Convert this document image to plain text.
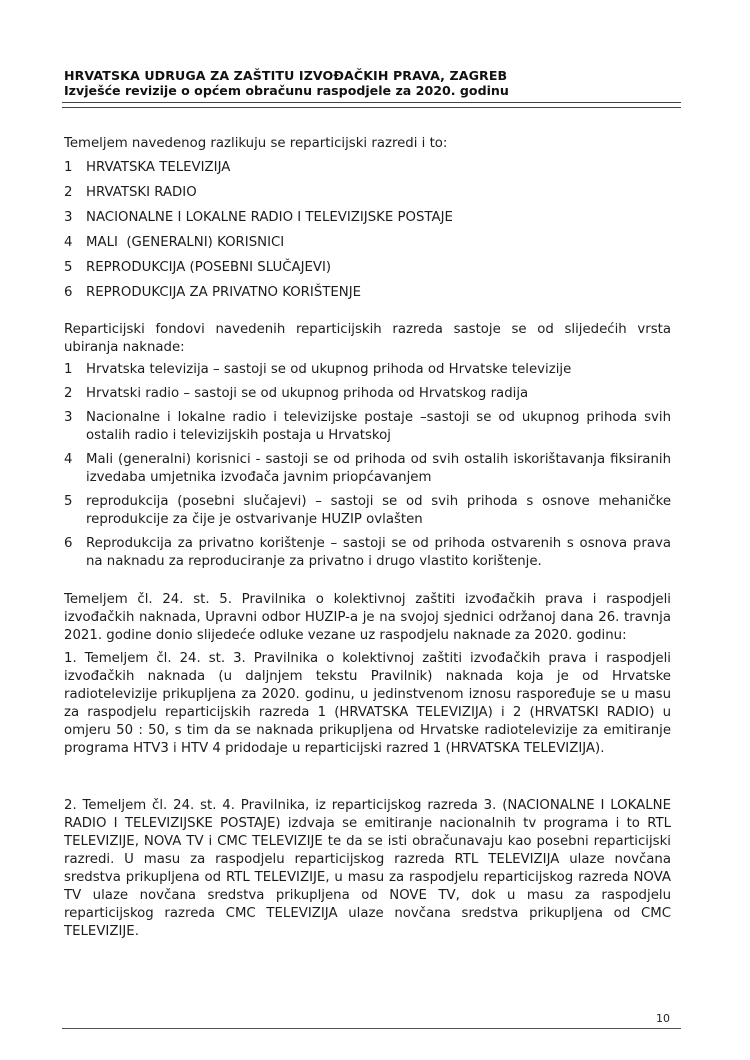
HRVATSKA UDRUGA ZA ZAŠTITU IZVOĐAČKIH PRAVA, ZAGREB
Izvješće revizije o općem obračunu raspodjele za 2020. godinu

Temeljem navedenog razlikuju se reparticijski razredi i to:

1	HRVATSKA TELEVIZIJA
2	HRVATSKI RADIO
3	NACIONALNE I LOKALNE RADIO I TELEVIZIJSKE POSTAJE
4	MALI  (GENERALNI) KORISNICI
5	REPRODUKCIJA (POSEBNI SLUČAJEVI)
6	REPRODUKCIJA ZA PRIVATNO KORIŠTENJE

Reparticijski fondovi navedenih reparticijskih razreda sastoje se od slijedećih vrsta ubiranja naknade:

1	Hrvatska televizija – sastoji se od ukupnog prihoda od Hrvatske televizije
2	Hrvatski radio – sastoji se od ukupnog prihoda od Hrvatskog radija
3	Nacionalne i lokalne radio i televizijske postaje –sastoji se od ukupnog prihoda svih ostalih radio i televizijskih postaja u Hrvatskoj
4	Mali (generalni) korisnici - sastoji se od prihoda od svih ostalih iskorištavanja fiksiranih izvedaba umjetnika izvođača javnim priopćavanjem
5	reprodukcija (posebni slučajevi) – sastoji se od svih prihoda s osnove mehaničke reprodukcije za čije je ostvarivanje HUZIP ovlašten
6	Reprodukcija za privatno korištenje – sastoji se od prihoda ostvarenih s osnova prava na naknadu za reproduciranje za privatno i drugo vlastito korištenje.

Temeljem čl. 24. st. 5. Pravilnika o kolektivnoj zaštiti izvođačkih prava i raspodjeli izvođačkih naknada, Upravni odbor HUZIP-a je na svojoj sjednici održanoj dana 26. travnja 2021. godine donio slijedeće odluke vezane uz raspodjelu naknade za 2020. godinu:

1. Temeljem čl. 24. st. 3. Pravilnika o kolektivnoj zaštiti izvođačkih prava i raspodjeli izvođačkih naknada (u daljnjem tekstu Pravilnik) naknada koja je od Hrvatske radiotelevizije prikupljena za 2020. godinu, u jedinstvenom iznosu raspoređuje se u masu za raspodjelu reparticijskih razreda 1 (HRVATSKA TELEVIZIJA) i 2 (HRVATSKI RADIO) u omjeru 50 : 50, s tim da se naknada prikupljena od Hrvatske radiotelevizije za emitiranje programa HTV3 i HTV 4 pridodaje u reparticijski razred 1 (HRVATSKA TELEVIZIJA).

2. Temeljem čl. 24. st. 4. Pravilnika, iz reparticijskog razreda 3. (NACIONALNE I LOKALNE RADIO I TELEVIZIJSKE POSTAJE) izdvaja se emitiranje nacionalnih tv programa i to RTL TELEVIZIJE, NOVA TV i CMC TELEVIZIJE te da se isti obračunavaju kao posebni reparticijski razredi. U masu za raspodjelu reparticijskog razreda RTL TELEVIZIJA ulaze novčana sredstva prikupljena od RTL TELEVIZIJE, u masu za raspodjelu reparticijskog razreda NOVA TV ulaze novčana sredstva prikupljena od NOVE TV, dok u masu za raspodjelu reparticijskog razreda CMC TELEVIZIJA ulaze novčana sredstva prikupljena od CMC TELEVIZIJE.

10
